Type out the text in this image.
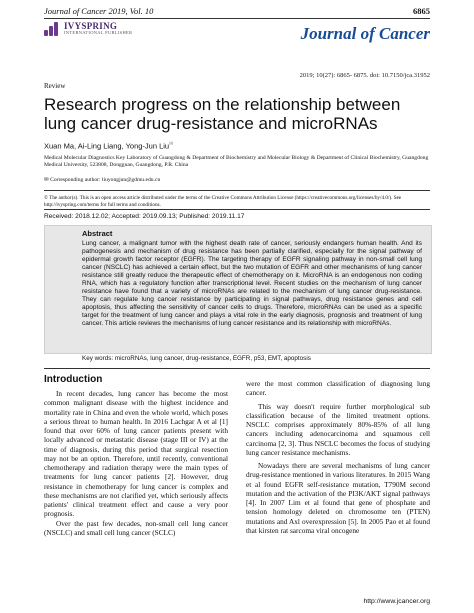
Journal of Cancer 2019, Vol. 10	6865
IVYSPRING
INTERNATIONAL PUBLISHER	Journal of Cancer
2019; 10(27): 6865- 6875. doi: 10.7150/jca.31952
Review
Research progress on the relationship between lung cancer drug-resistance and microRNAs
Xuan Ma, Ai-Ling Liang, Yong-Jun Liu✉
Medical Molecular Diagnostics Key Laboratory of Guangdong & Department of Biochemistry and Molecular Biology & Department of Clinical Biochemistry, Guangdong Medical University, 523808, Dongguan, Guangdong, P.R. China
✉ Corresponding author: liuyongjun@gdmu.edu.cn
© The author(s). This is an open access article distributed under the terms of the Creative Commons Attribution License (https://creativecommons.org/licenses/by/4.0/). See http://ivyspring.com/terms for full terms and conditions.
Received: 2018.12.02; Accepted: 2019.09.13; Published: 2019.11.17
Abstract
Lung cancer, a malignant tumor with the highest death rate of cancer, seriously endangers human health. And its pathogenesis and mechanism of drug resistance has been partially clarified, especially for the signal pathway of epidermal growth factor receptor (EGFR). The targeting therapy of EGFR signaling pathway in non-small cell lung cancer (NSCLC) has achieved a certain effect, but the two mutation of EGFR and other mechanisms of lung cancer resistance still greatly reduce the therapeutic effect of chemotherapy on it. MicroRNA is an endogenous non coding RNA, which has a regulatory function after transcriptional level. Recent studies on the mechanism of lung cancer resistance have found that a variety of microRNAs are related to the mechanism of lung cancer drug-resistance. They can regulate lung cancer resistance by participating in signal pathways, drug resistance genes and cell apoptosis, thus affecting the sensitivity of cancer cells to drugs. Therefore, microRNAs can be used as a specific target for the treatment of lung cancer and plays a vital role in the early diagnosis, prognosis and treatment of lung cancer. This article reviews the mechanisms of lung cancer resistance and its relationship with microRNAs.
Key words: microRNAs, lung cancer, drug-resistance, EGFR, p53, EMT, apoptosis
Introduction

In recent decades, lung cancer has become the most common malignant disease with the highest incidence and mortality rate in China and even the whole world, which poses a serious threat to human health. In 2016 Lachgar A et al [1] found that over 60% of lung cancer patients present with locally advanced or metastatic disease (stage III or IV) at the time of diagnosis, during this period that surgical resection may not be an option. Therefore, until recently, conventional chemotherapy and radiation therapy were the main types of treatments for lung cancer patients [2]. However, drug resistance in chemotherapy for lung cancer is complex and these mechanisms are not clarified yet, which seriously affects patients' clinical treatment effect and cause a very poor prognosis.

Over the past few decades, non-small cell lung cancer (NSCLC) and small cell lung cancer (SCLC)

were the most common classification of diagnosing lung cancer.

This way doesn't require further morphological sub classification because of the limited treatment options. NSCLC comprises approximately 80%-85% of all lung cancers including adenocarcinoma and squamous cell carcinoma [2, 3]. Thus NSCLC becomes the focus of studying lung cancer resistance mechanisms.

Nowadays there are several mechanisms of lung cancer drug-resistance mentioned in various literatures. In 2015 Wang et al found EGFR self-resistance mutation, T790M second mutation and the activation of the PI3K/AKT signal pathways [4]. In 2007 Lim et al found that gene of phosphate and tension homology deleted on chromosome ten (PTEN) mutations and Axl overexpression [5]. In 2005 Pao et al found that kirsten rat sarcoma viral oncogene

http://www.jcancer.org
